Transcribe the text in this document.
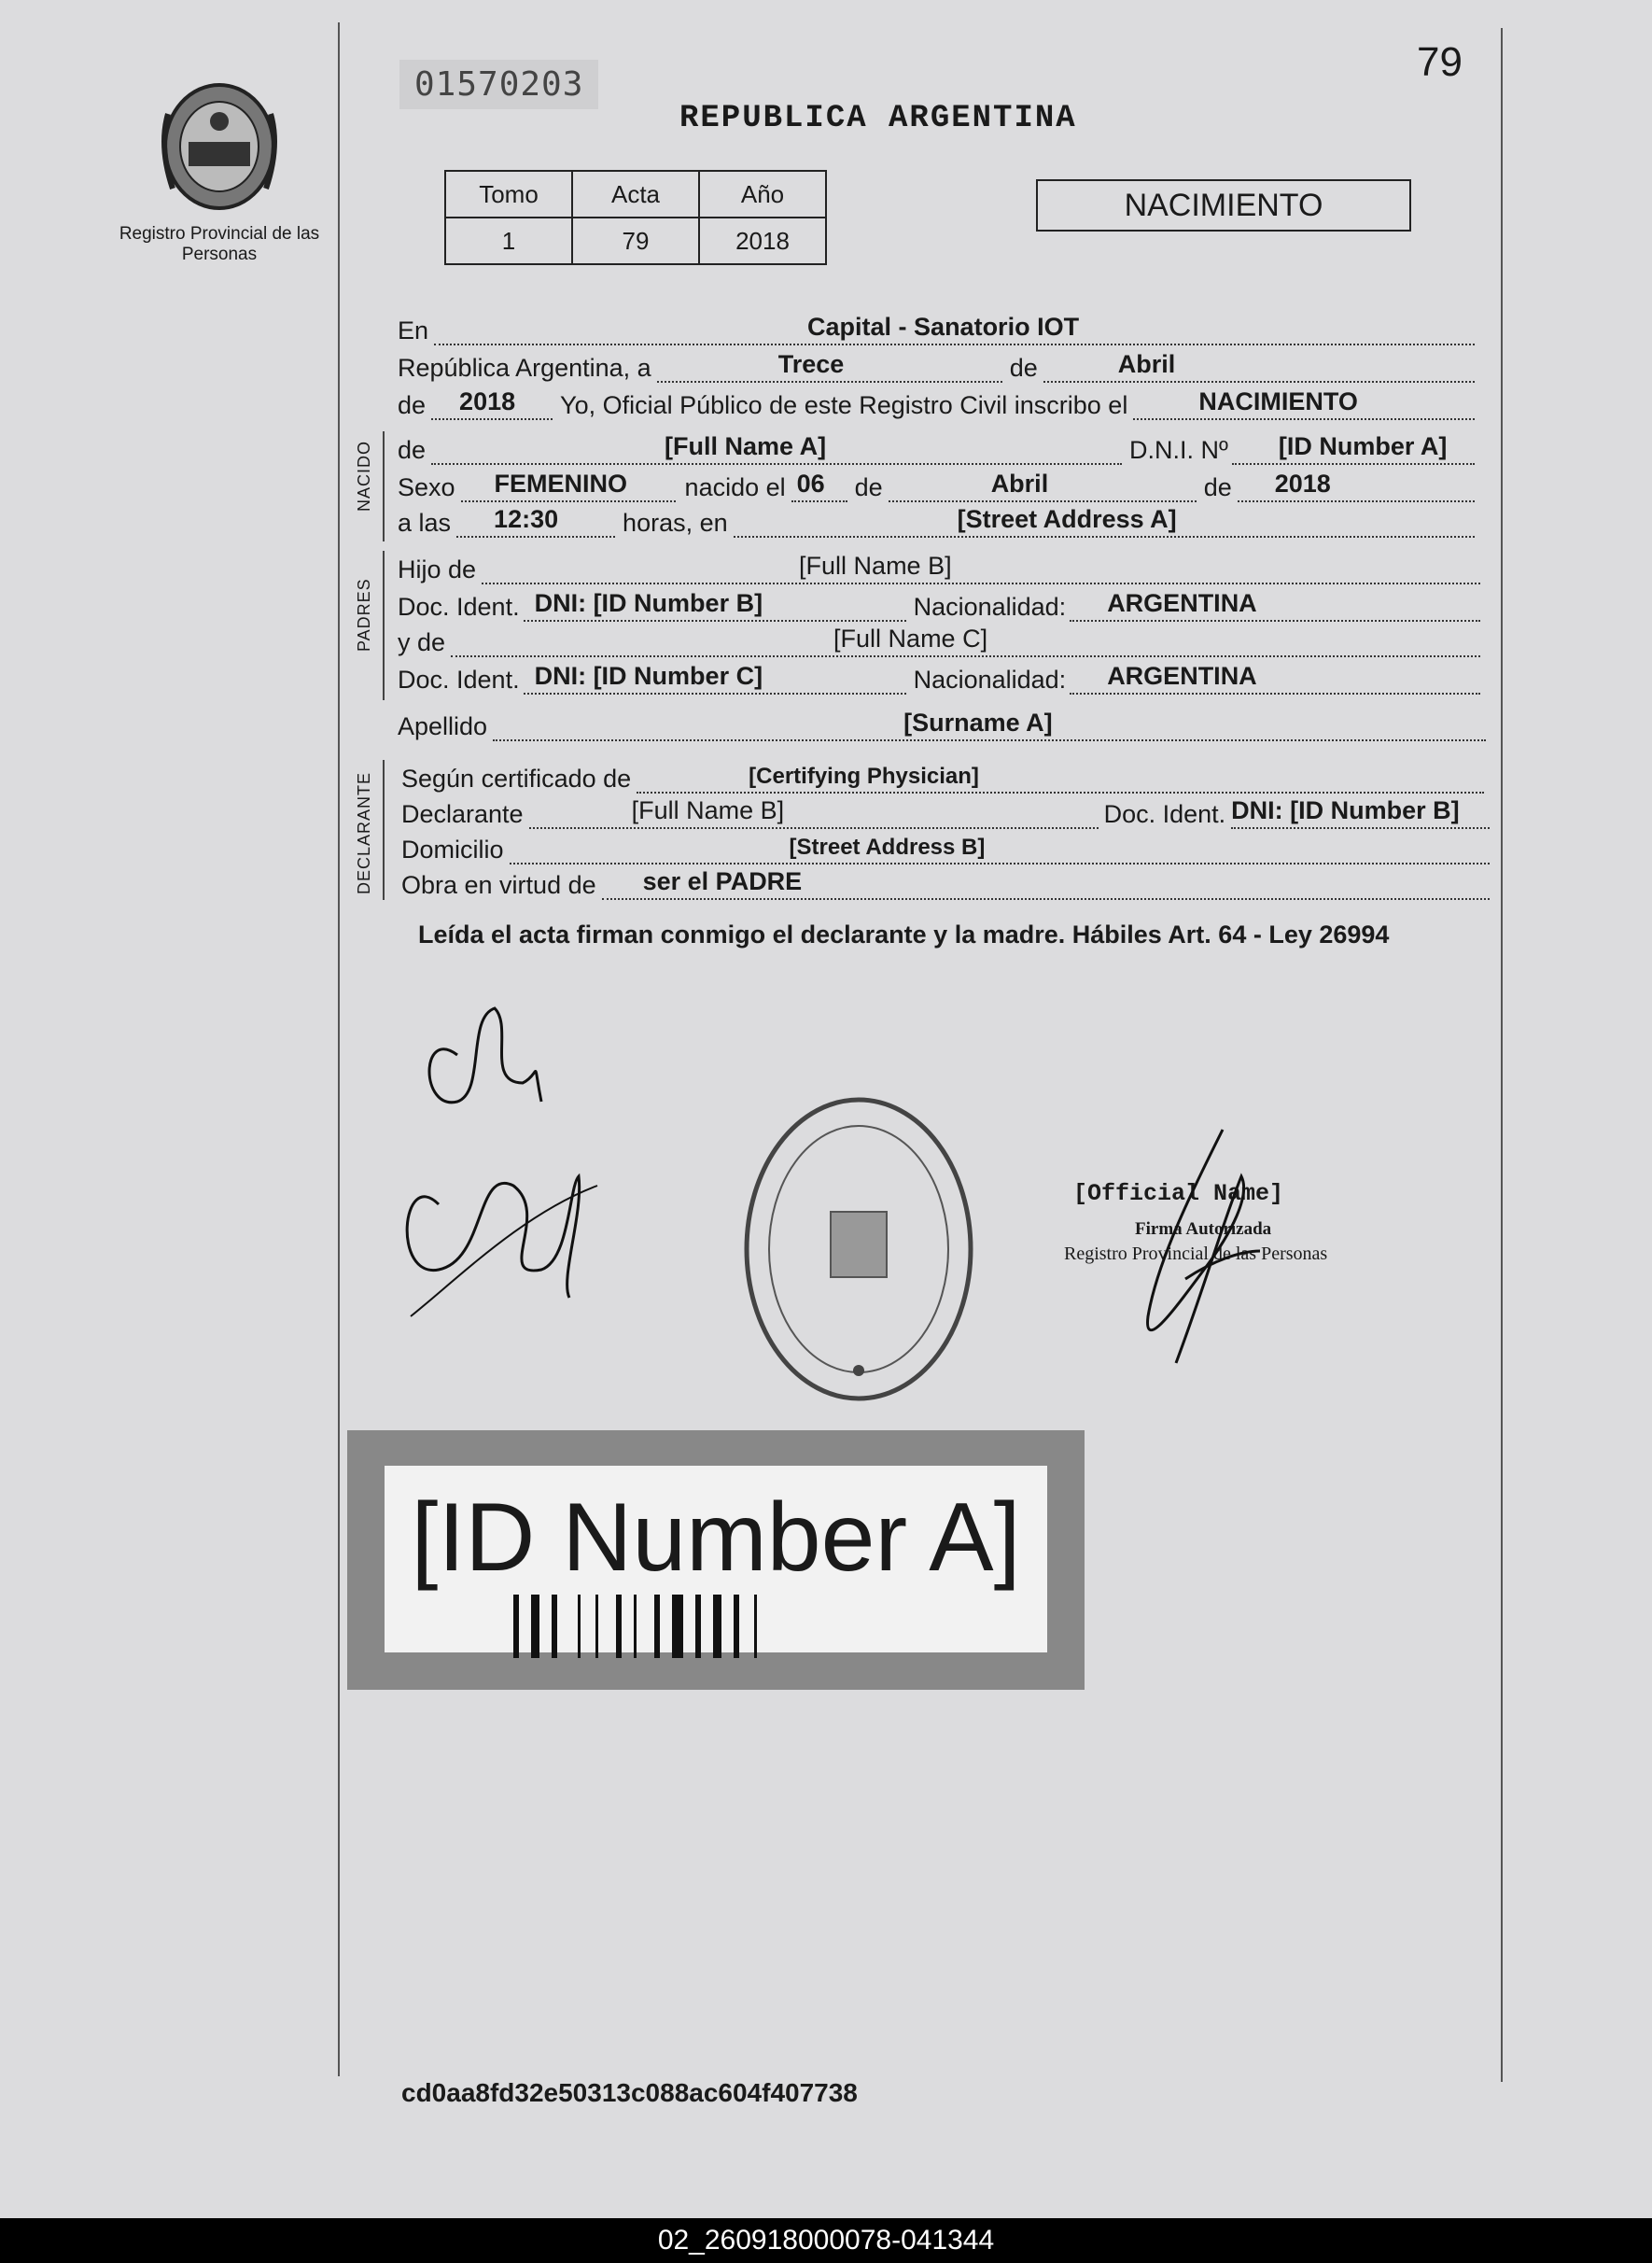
Registro Provincial de las Personas
01570203
REPUBLICA ARGENTINA
79
Tomo	Acta	Año
1	79	2018
NACIMIENTO
En	Capital - Sanatorio IOT
República Argentina, a	Trece	de	Abril
de 2018 Yo, Oficial Público de este Registro Civil inscribo el	NACIMIENTO
NACIDO de	[Full Name A]	D.N.I. Nº [ID Number A]
Sexo FEMENINO nacido el 06 de	Abril	de 2018
a las 12:30	horas, en	[Street Address A]
PADRES
Hijo de	[Full Name B]
Doc. Ident. DNI: [ID Number B]	Nacionalidad: ARGENTINA
y de	[Full Name C]
Doc. Ident. DNI: [ID Number C]	Nacionalidad: ARGENTINA
Apellido	[Surname A]
DECLARANTE Según certificado de	[Certifying Physician]
Declarante	[Full Name B]	Doc. Ident. DNI: [ID Number B]
Domicilio	[Street Address B]
Obra en virtud de ser el PADRE
Leída el acta firman conmigo el declarante y la madre. Hábiles Art. 64 - Ley 26994
[Official Name]
Firma Autorizada
Registro Provincial de las Personas
[ID Number A]
cd0aa8fd32e50313c088ac604f407738
02_260918000078-041344
